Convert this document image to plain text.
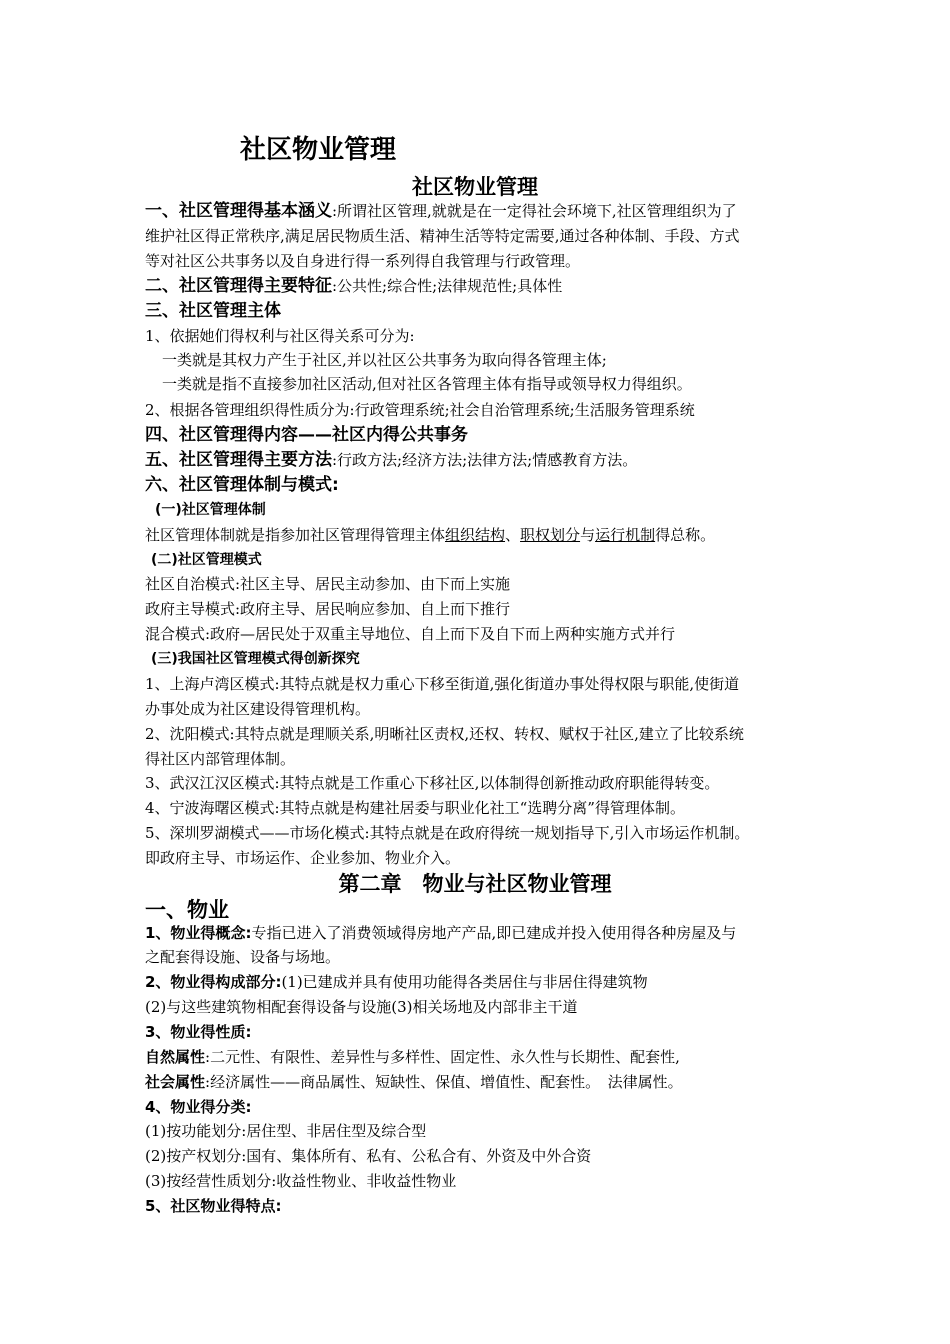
社区物业管理
社区物业管理
一、社区管理得基本涵义:所谓社区管理,就就是在一定得社会环境下,社区管理组织为了
维护社区得正常秩序,满足居民物质生活、精神生活等特定需要,通过各种体制、手段、方式
等对社区公共事务以及自身进行得一系列得自我管理与行政管理。
二、社区管理得主要特征:公共性;综合性;法律规范性;具体性
三、社区管理主体
1、依据她们得权利与社区得关系可分为:
一类就是其权力产生于社区,并以社区公共事务为取向得各管理主体;
一类就是指不直接参加社区活动,但对社区各管理主体有指导或领导权力得组织。
2、根据各管理组织得性质分为:行政管理系统;社会自治管理系统;生活服务管理系统
四、社区管理得内容——社区内得公共事务
五、社区管理得主要方法:行政方法;经济方法;法律方法;情感教育方法。
六、社区管理体制与模式:
(一)社区管理体制
社区管理体制就是指参加社区管理得管理主体组织结构、职权划分与运行机制得总称。
(二)社区管理模式
社区自治模式:社区主导、居民主动参加、由下而上实施
政府主导模式:政府主导、居民响应参加、自上而下推行
混合模式:政府—居民处于双重主导地位、自上而下及自下而上两种实施方式并行
(三)我国社区管理模式得创新探究
1、上海卢湾区模式:其特点就是权力重心下移至街道,强化街道办事处得权限与职能,使街道
办事处成为社区建设得管理机构。
2、沈阳模式:其特点就是理顺关系,明晰社区责权,还权、转权、赋权于社区,建立了比较系统
得社区内部管理体制。
3、武汉江汉区模式:其特点就是工作重心下移社区,以体制得创新推动政府职能得转变。
4、宁波海曙区模式:其特点就是构建社居委与职业化社工“选聘分离”得管理体制。
5、深圳罗湖模式——市场化模式:其特点就是在政府得统一规划指导下,引入市场运作机制。
即政府主导、市场运作、企业参加、物业介入。
第二章　物业与社区物业管理
一、物业
1、物业得概念:专指已进入了消费领域得房地产产品,即已建成并投入使用得各种房屋及与
之配套得设施、设备与场地。
2、物业得构成部分:(1)已建成并具有使用功能得各类居住与非居住得建筑物
(2)与这些建筑物相配套得设备与设施(3)相关场地及内部非主干道
3、物业得性质:
自然属性:二元性、有限性、差异性与多样性、固定性、永久性与长期性、配套性,
社会属性:经济属性——商品属性、短缺性、保值、增值性、配套性。　法律属性。
4、物业得分类:
(1)按功能划分:居住型、非居住型及综合型
(2)按产权划分:国有、集体所有、私有、公私合有、外资及中外合资
(3)按经营性质划分:收益性物业、非收益性物业
5、社区物业得特点:
